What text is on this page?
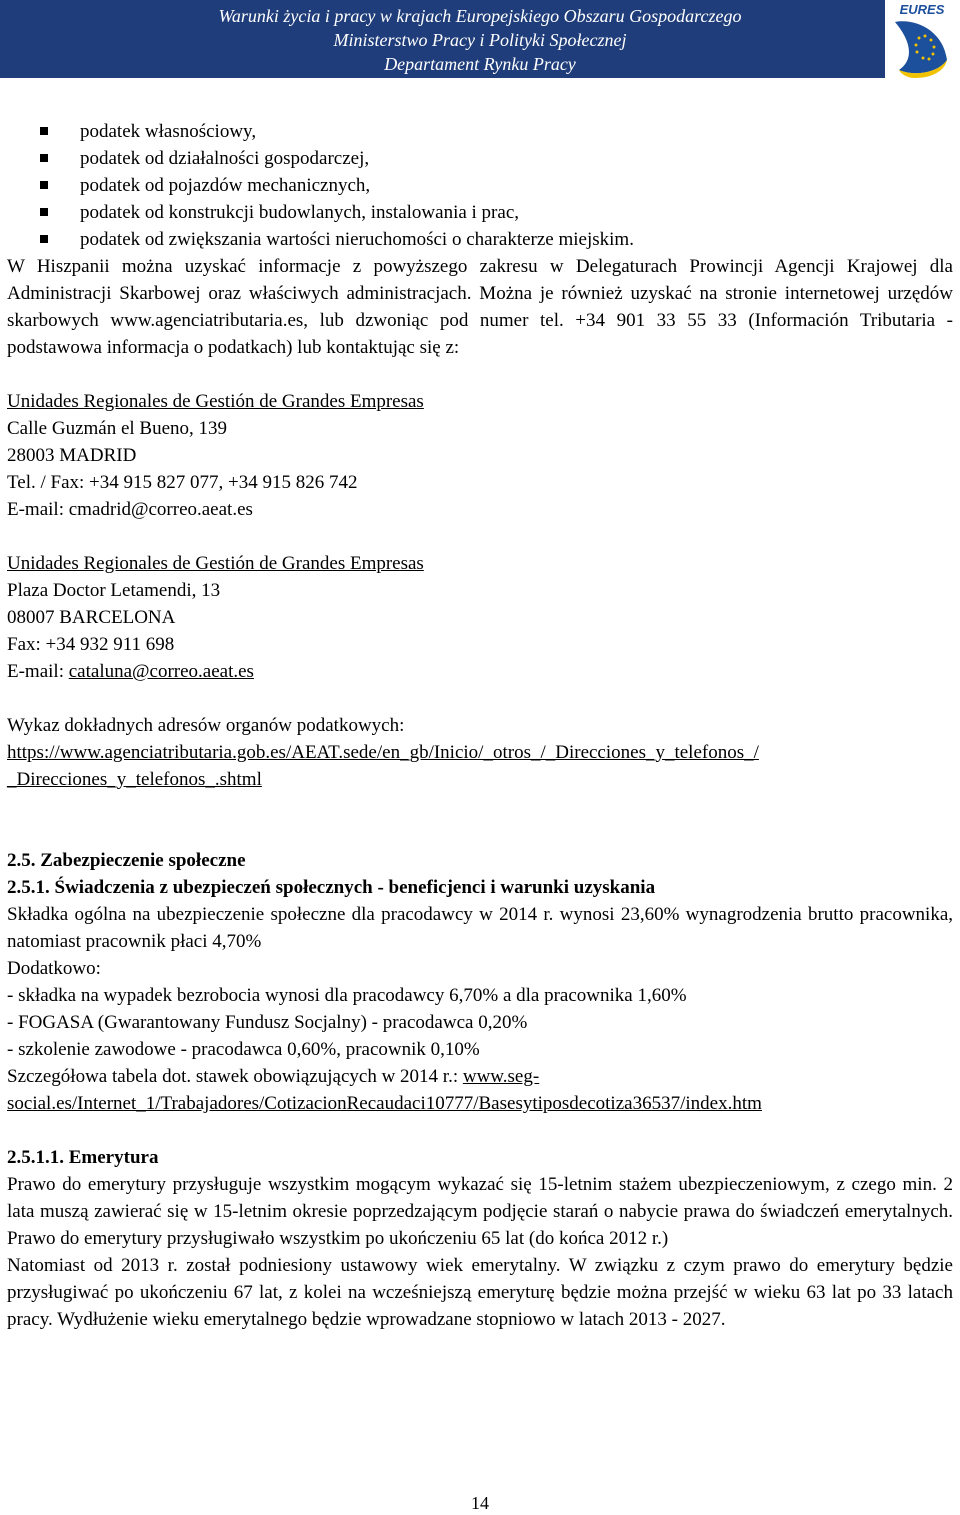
Warunki życia i pracy w krajach Europejskiego Obszaru Gospodarczego
Ministerstwo Pracy i Polityki Społecznej
Departament Rynku Pracy
EURES
podatek własnościowy,
podatek od działalności gospodarczej,
podatek od pojazdów mechanicznych,
podatek od konstrukcji budowlanych, instalowania i prac,
podatek od zwiększania wartości nieruchomości o charakterze miejskim.

W Hiszpanii można uzyskać informacje z powyższego zakresu w Delegaturach Prowincji Agencji Krajowej dla Administracji Skarbowej oraz właściwych administracjach. Można je również uzyskać na stronie internetowej urzędów skarbowych www.agenciatributaria.es, lub dzwoniąc pod numer tel. +34 901 33 55 33 (Información Tributaria - podstawowa informacja o podatkach) lub kontaktując się z:

Unidades Regionales de Gestión de Grandes Empresas

Calle Guzmán el Bueno, 139

28003 MADRID

Tel. / Fax: +34 915 827 077, +34 915 826 742

E-mail: cmadrid@correo.aeat.es

Unidades Regionales de Gestión de Grandes Empresas

Plaza Doctor Letamendi, 13

08007 BARCELONA

Fax: +34 932 911 698

E-mail: cataluna@correo.aeat.es

Wykaz dokładnych adresów organów podatkowych:

https://www.agenciatributaria.gob.es/AEAT.sede/en_gb/Inicio/_otros_/_Direcciones_y_telefonos_/

_Direcciones_y_telefonos_.shtml

2.5. Zabezpieczenie społeczne

2.5.1. Świadczenia z ubezpieczeń społecznych - beneficjenci i warunki uzyskania

Składka ogólna na ubezpieczenie społeczne dla pracodawcy w 2014 r. wynosi 23,60% wynagrodzenia brutto pracownika, natomiast pracownik płaci 4,70%

Dodatkowo:

- składka na wypadek bezrobocia wynosi dla pracodawcy 6,70% a dla pracownika 1,60%

- FOGASA (Gwarantowany Fundusz Socjalny) - pracodawca 0,20%

- szkolenie zawodowe - pracodawca 0,60%, pracownik 0,10%

Szczegółowa tabela dot. stawek obowiązujących w 2014 r.: www.seg-

social.es/Internet_1/Trabajadores/CotizacionRecaudaci10777/Basesytiposdecotiza36537/index.htm

2.5.1.1. Emerytura

Prawo do emerytury przysługuje wszystkim mogącym wykazać się 15-letnim stażem ubezpieczeniowym, z czego min. 2 lata muszą zawierać się w 15-letnim okresie poprzedzającym podjęcie starań o nabycie prawa do świadczeń emerytalnych. Prawo do emerytury przysługiwało wszystkim po ukończeniu 65 lat (do końca 2012 r.)

Natomiast od 2013 r. został podniesiony ustawowy wiek emerytalny. W związku z czym prawo do emerytury będzie przysługiwać po ukończeniu 67 lat, z kolei na wcześniejszą emeryturę będzie można przejść w wieku 63 lat po 33 latach pracy. Wydłużenie wieku emerytalnego będzie wprowadzane stopniowo w latach 2013 - 2027.

14
